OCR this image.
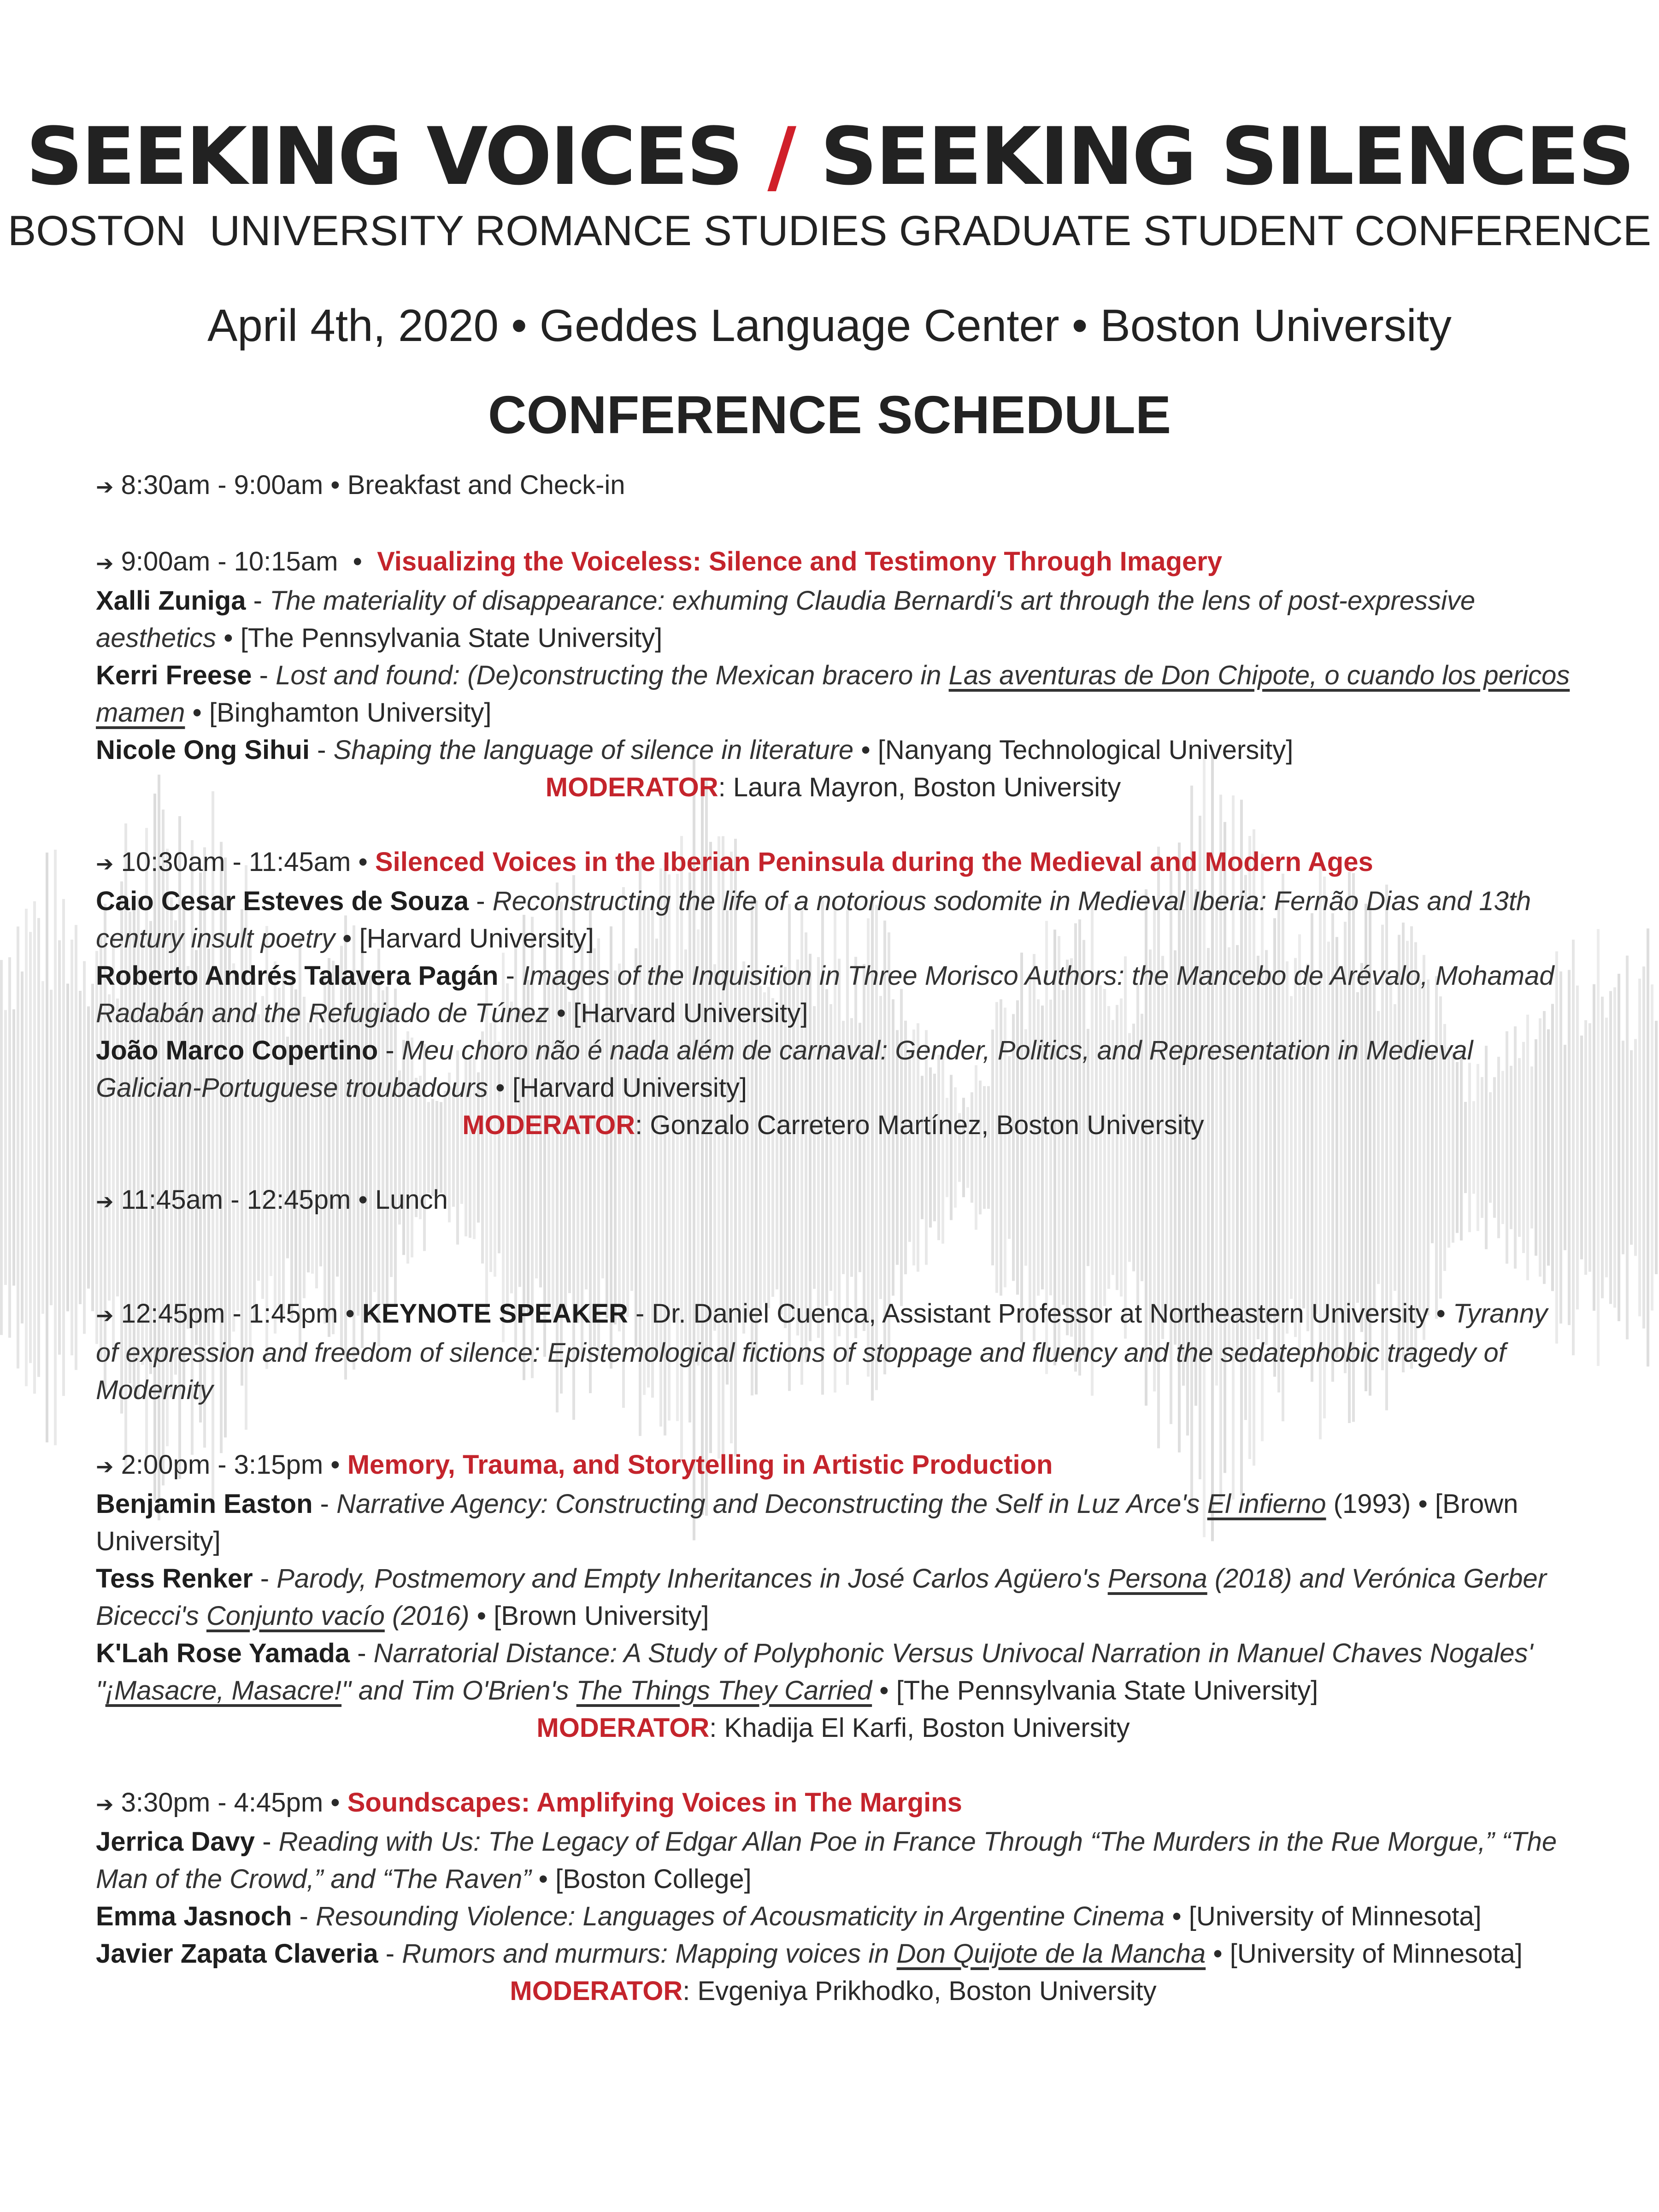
SEEKING VOICES / SEEKING SILENCES
BOSTON  UNIVERSITY ROMANCE STUDIES GRADUATE STUDENT CONFERENCE
April 4th, 2020 • Geddes Language Center • Boston University
CONFERENCE SCHEDULE

➔ 8:30am - 9:00am • Breakfast and Check-in

➔ 9:00am - 10:15am • Visualizing the Voiceless: Silence and Testimony Through Imagery

Xalli Zuniga - The materiality of disappearance: exhuming Claudia Bernardi's art through the lens of post-expressive aesthetics • [The Pennsylvania State University]

Kerri Freese - Lost and found: (De)constructing the Mexican bracero in Las aventuras de Don Chipote, o cuando los pericos mamen • [Binghamton University]

Nicole Ong Sihui - Shaping the language of silence in literature • [Nanyang Technological University]

MODERATOR: Laura Mayron, Boston University

➔ 10:30am - 11:45am • Silenced Voices in the Iberian Peninsula during the Medieval and Modern Ages

Caio Cesar Esteves de Souza - Reconstructing the life of a notorious sodomite in Medieval Iberia: Fernão Dias and 13th century insult poetry • [Harvard University]

Roberto Andrés Talavera Pagán - Images of the Inquisition in Three Morisco Authors: the Mancebo de Arévalo, Mohamad Radabán and the Refugiado de Túnez • [Harvard University]

João Marco Copertino - Meu choro não é nada além de carnaval: Gender, Politics, and Representation in Medieval Galician-Portuguese troubadours • [Harvard University]

MODERATOR: Gonzalo Carretero Martínez, Boston University

➔ 11:45am - 12:45pm • Lunch

➔ 12:45pm - 1:45pm • KEYNOTE SPEAKER - Dr. Daniel Cuenca, Assistant Professor at Northeastern University • Tyranny of expression and freedom of silence: Epistemological fictions of stoppage and fluency and the sedatephobic tragedy of Modernity

➔ 2:00pm - 3:15pm • Memory, Trauma, and Storytelling in Artistic Production

Benjamin Easton - Narrative Agency: Constructing and Deconstructing the Self in Luz Arce's El infierno (1993) • [Brown University]

Tess Renker - Parody, Postmemory and Empty Inheritances in José Carlos Agüero's Persona (2018) and Verónica Gerber Bicecci's Conjunto vacío (2016) • [Brown University]

K'Lah Rose Yamada - Narratorial Distance: A Study of Polyphonic Versus Univocal Narration in Manuel Chaves Nogales' "¡Masacre, Masacre!" and Tim O'Brien's The Things They Carried • [The Pennsylvania State University]

MODERATOR: Khadija El Karfi, Boston University

➔ 3:30pm - 4:45pm • Soundscapes: Amplifying Voices in The Margins

Jerrica Davy - Reading with Us: The Legacy of Edgar Allan Poe in France Through “The Murders in the Rue Morgue,” “The Man of the Crowd,” and “The Raven” • [Boston College]

Emma Jasnoch - Resounding Violence: Languages of Acousmaticity in Argentine Cinema • [University of Minnesota]

Javier Zapata Claveria - Rumors and murmurs: Mapping voices in Don Quijote de la Mancha • [University of Minnesota]

MODERATOR: Evgeniya Prikhodko, Boston University
